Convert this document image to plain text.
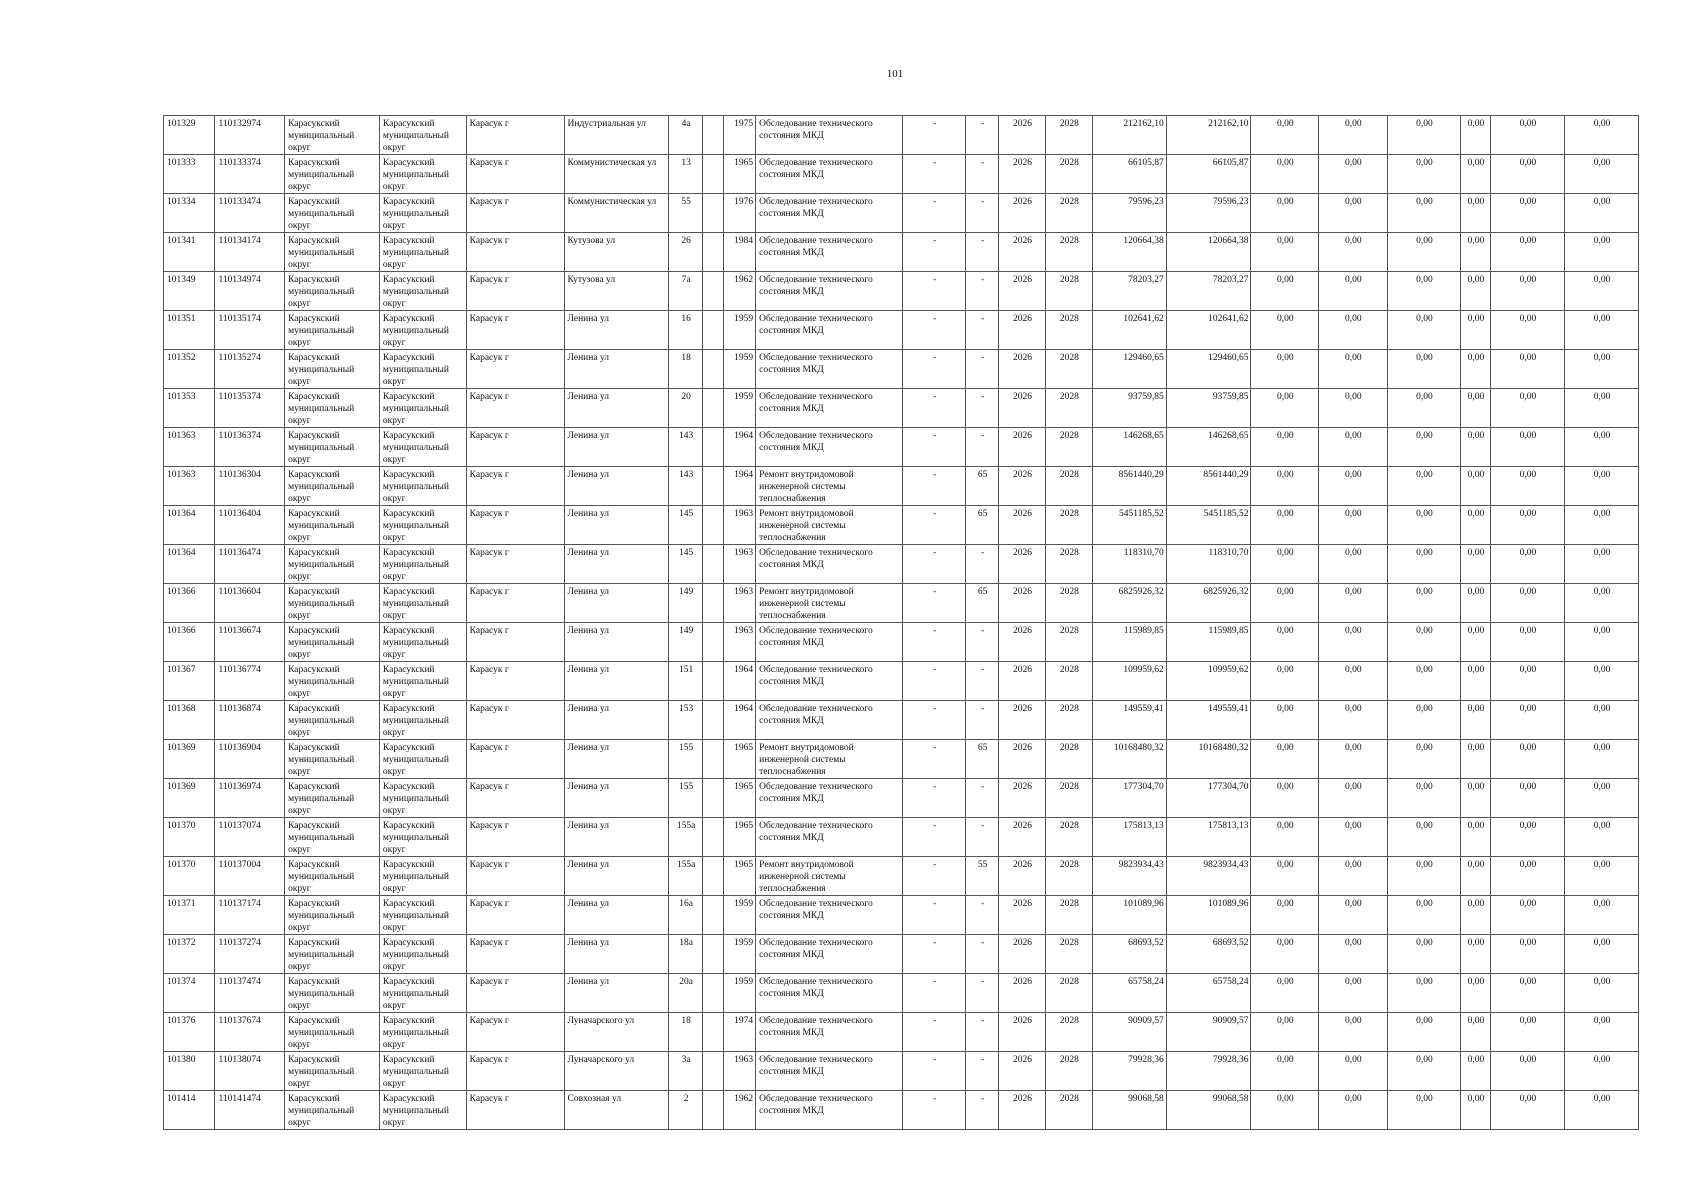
101
101329	110132974	Карасукский муниципальный округ	Карасукский муниципальный округ	Карасук г	Индустриальная ул	4а		1975	Обследование технического состояния МКД	-	-	2026	2028	212162,10	212162,10	0,00	0,00	0,00	0,00	0,00	0,00
101333	110133374	Карасукский муниципальный округ	Карасукский муниципальный округ	Карасук г	Коммунистическая ул	13		1965	Обследование технического состояния МКД	-	-	2026	2028	66105,87	66105,87	0,00	0,00	0,00	0,00	0,00	0,00
101334	110133474	Карасукский муниципальный округ	Карасукский муниципальный округ	Карасук г	Коммунистическая ул	55		1976	Обследование технического состояния МКД	-	-	2026	2028	79596,23	79596,23	0,00	0,00	0,00	0,00	0,00	0,00
101341	110134174	Карасукский муниципальный округ	Карасукский муниципальный округ	Карасук г	Кутузова ул	26		1984	Обследование технического состояния МКД	-	-	2026	2028	120664,38	120664,38	0,00	0,00	0,00	0,00	0,00	0,00
101349	110134974	Карасукский муниципальный округ	Карасукский муниципальный округ	Карасук г	Кутузова ул	7а		1962	Обследование технического состояния МКД	-	-	2026	2028	78203,27	78203,27	0,00	0,00	0,00	0,00	0,00	0,00
101351	110135174	Карасукский муниципальный округ	Карасукский муниципальный округ	Карасук г	Ленина ул	16		1959	Обследование технического состояния МКД	-	-	2026	2028	102641,62	102641,62	0,00	0,00	0,00	0,00	0,00	0,00
101352	110135274	Карасукский муниципальный округ	Карасукский муниципальный округ	Карасук г	Ленина ул	18		1959	Обследование технического состояния МКД	-	-	2026	2028	129460,65	129460,65	0,00	0,00	0,00	0,00	0,00	0,00
101353	110135374	Карасукский муниципальный округ	Карасукский муниципальный округ	Карасук г	Ленина ул	20		1959	Обследование технического состояния МКД	-	-	2026	2028	93759,85	93759,85	0,00	0,00	0,00	0,00	0,00	0,00
101363	110136374	Карасукский муниципальный округ	Карасукский муниципальный округ	Карасук г	Ленина ул	143		1964	Обследование технического состояния МКД	-	-	2026	2028	146268,65	146268,65	0,00	0,00	0,00	0,00	0,00	0,00
101363	110136304	Карасукский муниципальный округ	Карасукский муниципальный округ	Карасук г	Ленина ул	143		1964	Ремонт внутридомовой инженерной системы теплоснабжения	-	65	2026	2028	8561440,29	8561440,29	0,00	0,00	0,00	0,00	0,00	0,00
101364	110136404	Карасукский муниципальный округ	Карасукский муниципальный округ	Карасук г	Ленина ул	145		1963	Ремонт внутридомовой инженерной системы теплоснабжения	-	65	2026	2028	5451185,52	5451185,52	0,00	0,00	0,00	0,00	0,00	0,00
101364	110136474	Карасукский муниципальный округ	Карасукский муниципальный округ	Карасук г	Ленина ул	145		1963	Обследование технического состояния МКД	-	-	2026	2028	118310,70	118310,70	0,00	0,00	0,00	0,00	0,00	0,00
101366	110136604	Карасукский муниципальный округ	Карасукский муниципальный округ	Карасук г	Ленина ул	149		1963	Ремонт внутридомовой инженерной системы теплоснабжения	-	65	2026	2028	6825926,32	6825926,32	0,00	0,00	0,00	0,00	0,00	0,00
101366	110136674	Карасукский муниципальный округ	Карасукский муниципальный округ	Карасук г	Ленина ул	149		1963	Обследование технического состояния МКД	-	-	2026	2028	115989,85	115989,85	0,00	0,00	0,00	0,00	0,00	0,00
101367	110136774	Карасукский муниципальный округ	Карасукский муниципальный округ	Карасук г	Ленина ул	151		1964	Обследование технического состояния МКД	-	-	2026	2028	109959,62	109959,62	0,00	0,00	0,00	0,00	0,00	0,00
101368	110136874	Карасукский муниципальный округ	Карасукский муниципальный округ	Карасук г	Ленина ул	153		1964	Обследование технического состояния МКД	-	-	2026	2028	149559,41	149559,41	0,00	0,00	0,00	0,00	0,00	0,00
101369	110136904	Карасукский муниципальный округ	Карасукский муниципальный округ	Карасук г	Ленина ул	155		1965	Ремонт внутридомовой инженерной системы теплоснабжения	-	65	2026	2028	10168480,32	10168480,32	0,00	0,00	0,00	0,00	0,00	0,00
101369	110136974	Карасукский муниципальный округ	Карасукский муниципальный округ	Карасук г	Ленина ул	155		1965	Обследование технического состояния МКД	-	-	2026	2028	177304,70	177304,70	0,00	0,00	0,00	0,00	0,00	0,00
101370	110137074	Карасукский муниципальный округ	Карасукский муниципальный округ	Карасук г	Ленина ул	155а		1965	Обследование технического состояния МКД	-	-	2026	2028	175813,13	175813,13	0,00	0,00	0,00	0,00	0,00	0,00
101370	110137004	Карасукский муниципальный округ	Карасукский муниципальный округ	Карасук г	Ленина ул	155а		1965	Ремонт внутридомовой инженерной системы теплоснабжения	-	55	2026	2028	9823934,43	9823934,43	0,00	0,00	0,00	0,00	0,00	0,00
101371	110137174	Карасукский муниципальный округ	Карасукский муниципальный округ	Карасук г	Ленина ул	16а		1959	Обследование технического состояния МКД	-	-	2026	2028	101089,96	101089,96	0,00	0,00	0,00	0,00	0,00	0,00
101372	110137274	Карасукский муниципальный округ	Карасукский муниципальный округ	Карасук г	Ленина ул	18а		1959	Обследование технического состояния МКД	-	-	2026	2028	68693,52	68693,52	0,00	0,00	0,00	0,00	0,00	0,00
101374	110137474	Карасукский муниципальный округ	Карасукский муниципальный округ	Карасук г	Ленина ул	20а		1959	Обследование технического состояния МКД	-	-	2026	2028	65758,24	65758,24	0,00	0,00	0,00	0,00	0,00	0,00
101376	110137674	Карасукский муниципальный округ	Карасукский муниципальный округ	Карасук г	Луначарского ул	18		1974	Обследование технического состояния МКД	-	-	2026	2028	90909,57	90909,57	0,00	0,00	0,00	0,00	0,00	0,00
101380	110138074	Карасукский муниципальный округ	Карасукский муниципальный округ	Карасук г	Луначарского ул	3а		1963	Обследование технического состояния МКД	-	-	2026	2028	79928,36	79928,36	0,00	0,00	0,00	0,00	0,00	0,00
101414	110141474	Карасукский муниципальный округ	Карасукский муниципальный округ	Карасук г	Совхозная ул	2		1962	Обследование технического состояния МКД	-	-	2026	2028	99068,58	99068,58	0,00	0,00	0,00	0,00	0,00	0,00
